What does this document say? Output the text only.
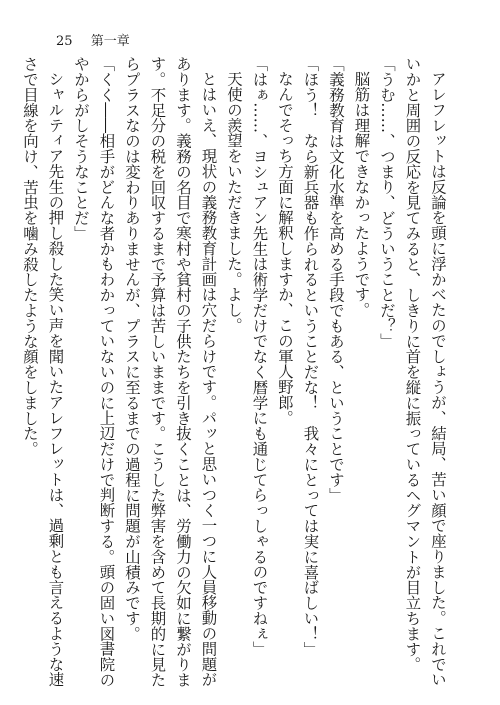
25 第一章

アレフレットは反論を頭に浮かべたのでしょうが、結局、苦い顔で座りました。これでいいかと周囲の反応を見てみると、しきりに首を縦に振っているヘグマントが目立ちます。

「うむ……、つまり、どういうことだ？」

脳筋は理解できなかったようです。

「義務教育は文化水準を高める手段でもある、ということです」

「ほう！　なら新兵器も作られるということだな！　我々にとっては実に喜ばしい！」

なんでそっち方面に解釈しますか、この軍人野郎。

「はぁ……、ヨシュアン先生は術学だけでなく暦学にも通じてらっしゃるのですねぇ」

天使の羨望をいただきました。よし。

とはいえ、現状の義務教育計画は穴だらけです。パッと思いつく一つに人員移動の問題があります。義務の名目で寒村や貧村の子供たちを引き抜くことは、労働力の欠如に繋がります。不足分の税を回収するまで予算は苦しいままです。こうした弊害を含めて長期的に見たらプラスなのは変わりありませんが、プラスに至るまでの過程に問題が山積みです。

「くく――相手がどんな者かもわかっていないのに上辺だけで判断する。頭の固い図書院のやからがしそうなことだ」

シャルティア先生の押し殺した笑い声を聞いたアレフレットは、過剰とも言えるような速さで目線を向け、苦虫を噛み殺したような顔をしました。
